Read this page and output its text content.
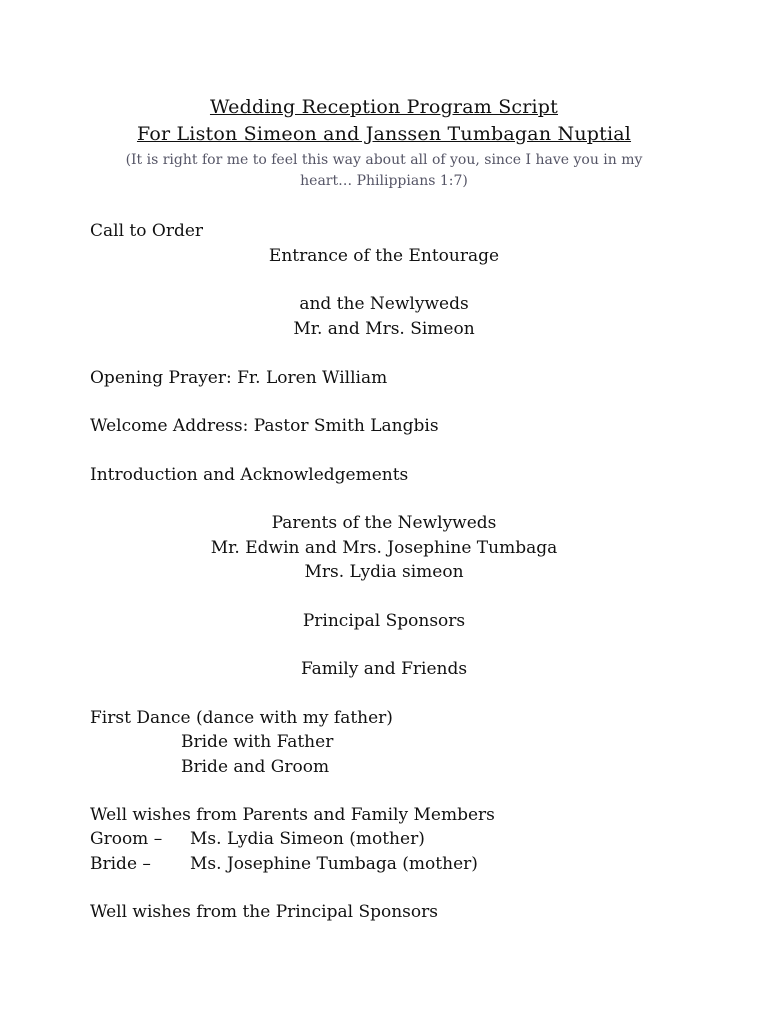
Wedding Reception Program Script
For Liston Simeon and Janssen Tumbagan Nuptial
(It is right for me to feel this way about all of you, since I have you in my
heart… Philippians 1:7)
Call to Order
Entrance of the Entourage
and the Newlyweds
Mr. and Mrs. Simeon
Opening Prayer: Fr. Loren William
Welcome Address: Pastor Smith Langbis
Introduction and Acknowledgements
Parents of the Newlyweds
Mr. Edwin and Mrs. Josephine Tumbaga
Mrs. Lydia simeon
Principal Sponsors
Family and Friends
First Dance (dance with my father)
Bride with Father
Bride and Groom
Well wishes from Parents and Family Members
Groom – Ms. Lydia Simeon (mother)
Bride – Ms. Josephine Tumbaga (mother)
Well wishes from the Principal Sponsors
